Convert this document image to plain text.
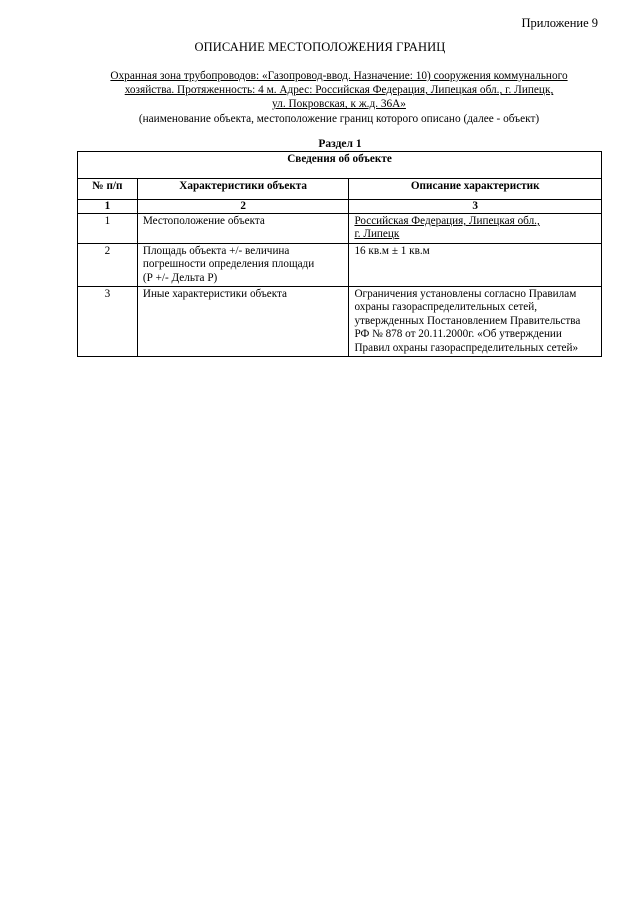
Приложение 9
ОПИСАНИЕ МЕСТОПОЛОЖЕНИЯ ГРАНИЦ
Охранная зона трубопроводов: «Газопровод-ввод. Назначение: 10) сооружения коммунального
хозяйства. Протяженность: 4 м. Адрес: Российская Федерация, Липецкая обл., г. Липецк,
ул. Покровская, к ж.д. 36А»
(наименование объекта, местоположение границ которого описано (далее - объект)
Раздел 1
Сведения об объекте		
№ п/п	Характеристики объекта	Описание характеристик
1	2	3
1	Местоположение объекта	Российская Федерация, Липецкая обл.,
г. Липецк
2	Площадь объекта +/- величина
погрешности определения площади
(Р +/- Дельта Р)	16 кв.м ± 1 кв.м
3	Иные характеристики объекта	Ограничения установлены согласно Правилам
охраны газораспределительных сетей,
утвержденных Постановлением Правительства
РФ № 878 от 20.11.2000г. «Об утверждении
Правил охраны газораспределительных сетей»
